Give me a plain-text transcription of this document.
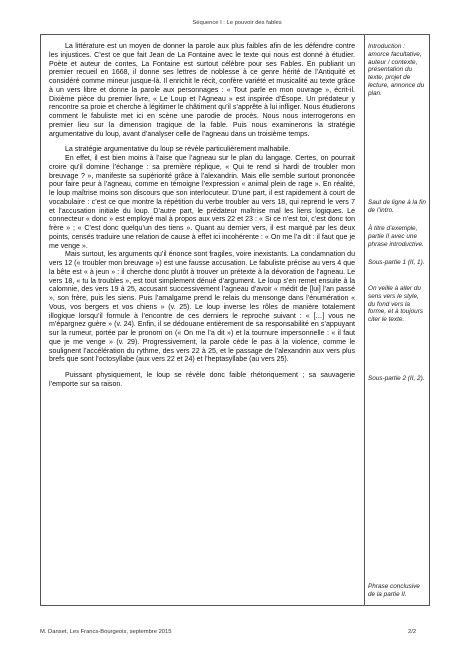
Séquence I : Le pouvoir des fables

La littérature est un moyen de donner la parole aux plus faibles afin de les défendre contre les injustices. C’est ce que fait Jean de La Fontaine avec le texte qui nous est donné à étudier. Poète et auteur de contes, La Fontaine est surtout célèbre pour ses Fables. En publiant un premier recueil en 1668, il donne ses lettres de noblesse à ce genre hérité de l’Antiquité et considéré comme mineur jusque-là. Il enrichit le récit, confère variété et musicalité au texte grâce à un vers libre et donne la parole aux personnages : « Tout parle en mon ouvrage », écrit-il. Dixième pièce du premier livre, « Le Loup et l’Agneau » est inspirée d’Ésope. Un prédateur y rencontre sa proie et cherche à légitimer le châtiment qu’il s’apprête à lui infliger. Nous étudierons comment le fabuliste met ici en scène une parodie de procès. Nous nous interrogerons en premier lieu sur la dimension tragique de la fable. Puis nous examinerons la stratégie argumentative du loup, avant d’analyser celle de l’agneau dans un troisième temps.

La stratégie argumentative du loup se révèle particulièrement malhabile.

En effet, il est bien moins à l’aise que l’agneau sur le plan du langage. Certes, on pourrait croire qu’il domine l’échange : sa première réplique, « Qui te rend si hardi de troubler mon breuvage ? », manifeste sa supériorité grâce à l’alexandrin. Mais elle semble surtout prononcée pour faire peur à l’agneau, comme en témoigne l’expression « animal plein de rage ». En réalité, le loup maîtrise moins son discours que son interlocuteur. D’une part, il est rapidement à court de vocabulaire : c’est ce que montre la répétition du verbe troubler au vers 18, qui reprend le vers 7 et l’accusation initiale du loup. D’autre part, le prédateur maîtrise mal les liens logiques. Le connecteur « donc » est employé mal à propos aux vers 22 et 23 : « Si ce n’est toi, c’est donc ton frère » ; « C’est donc quelqu’un des tiens ». Quant au dernier vers, il est marqué par les deux points, censés traduire une relation de cause à effet ici incohérente : « On me l’a dit : il faut que je me venge ».

Mais surtout, les arguments qu’il énonce sont fragiles, voire inexistants. La condamnation du vers 12 (« troubler mon breuvage ») est une fausse accusation. Le fabuliste précise au vers 4 que la bête est « à jeun » : il cherche donc plutôt à trouver un prétexte à la dévoration de l’agneau. Le vers 18, « tu la troubles », est tout simplement dénué d’argument. Le loup s’en remet ensuite à la calomnie, des vers 19 à 25, accusant successivement l’agneau d’avoir « médit de [lui] l’an passé », son frère, puis les siens. Puis l’amalgame prend le relais du mensonge dans l’énumération « Vous, vos bergers et vos chiens » (v. 25). Le loup inverse les rôles de manière totalement illogique lorsqu’il formule à l’encontre de ces derniers le reproche suivant : « […] vous ne m’épargnez guère » (v. 24). Enfin, il se dédouane entièrement de sa responsabilité en s’appuyant sur la rumeur, portée par le pronom on (« On me l’a dit ») et la tournure impersonnelle : « il faut que je me venge » (v. 29). Progressivement, la parole cède le pas à la violence, comme le soulignent l’accélération du rythme, des vers 22 à 25, et le passage de l’alexandrin aux vers plus brefs que sont l’octosyllabe (aux vers 22 et 24) et l’heptasyllabe (au vers 25).

Puissant physiquement, le loup se révèle donc faible rhétoriquement ; sa sauvagerie l’emporte sur sa raison.

Introduction : amorce facultative, auteur / contexte, présentation du texte, projet de lecture, annonce du plan.
Saut de ligne à la fin de l’intro.
À titre d’exemple, partie II avec une phrase introductive.
Sous-partie 1 (II, 1).
On veille à aller du sens vers le style, du fond vers la forme, et à toujours citer le texte.
Sous-partie 2 (II, 2).
Phrase conclusive de la partie II.
M. Danset, Les Francs-Bourgeois, septembre 2015	2/2
